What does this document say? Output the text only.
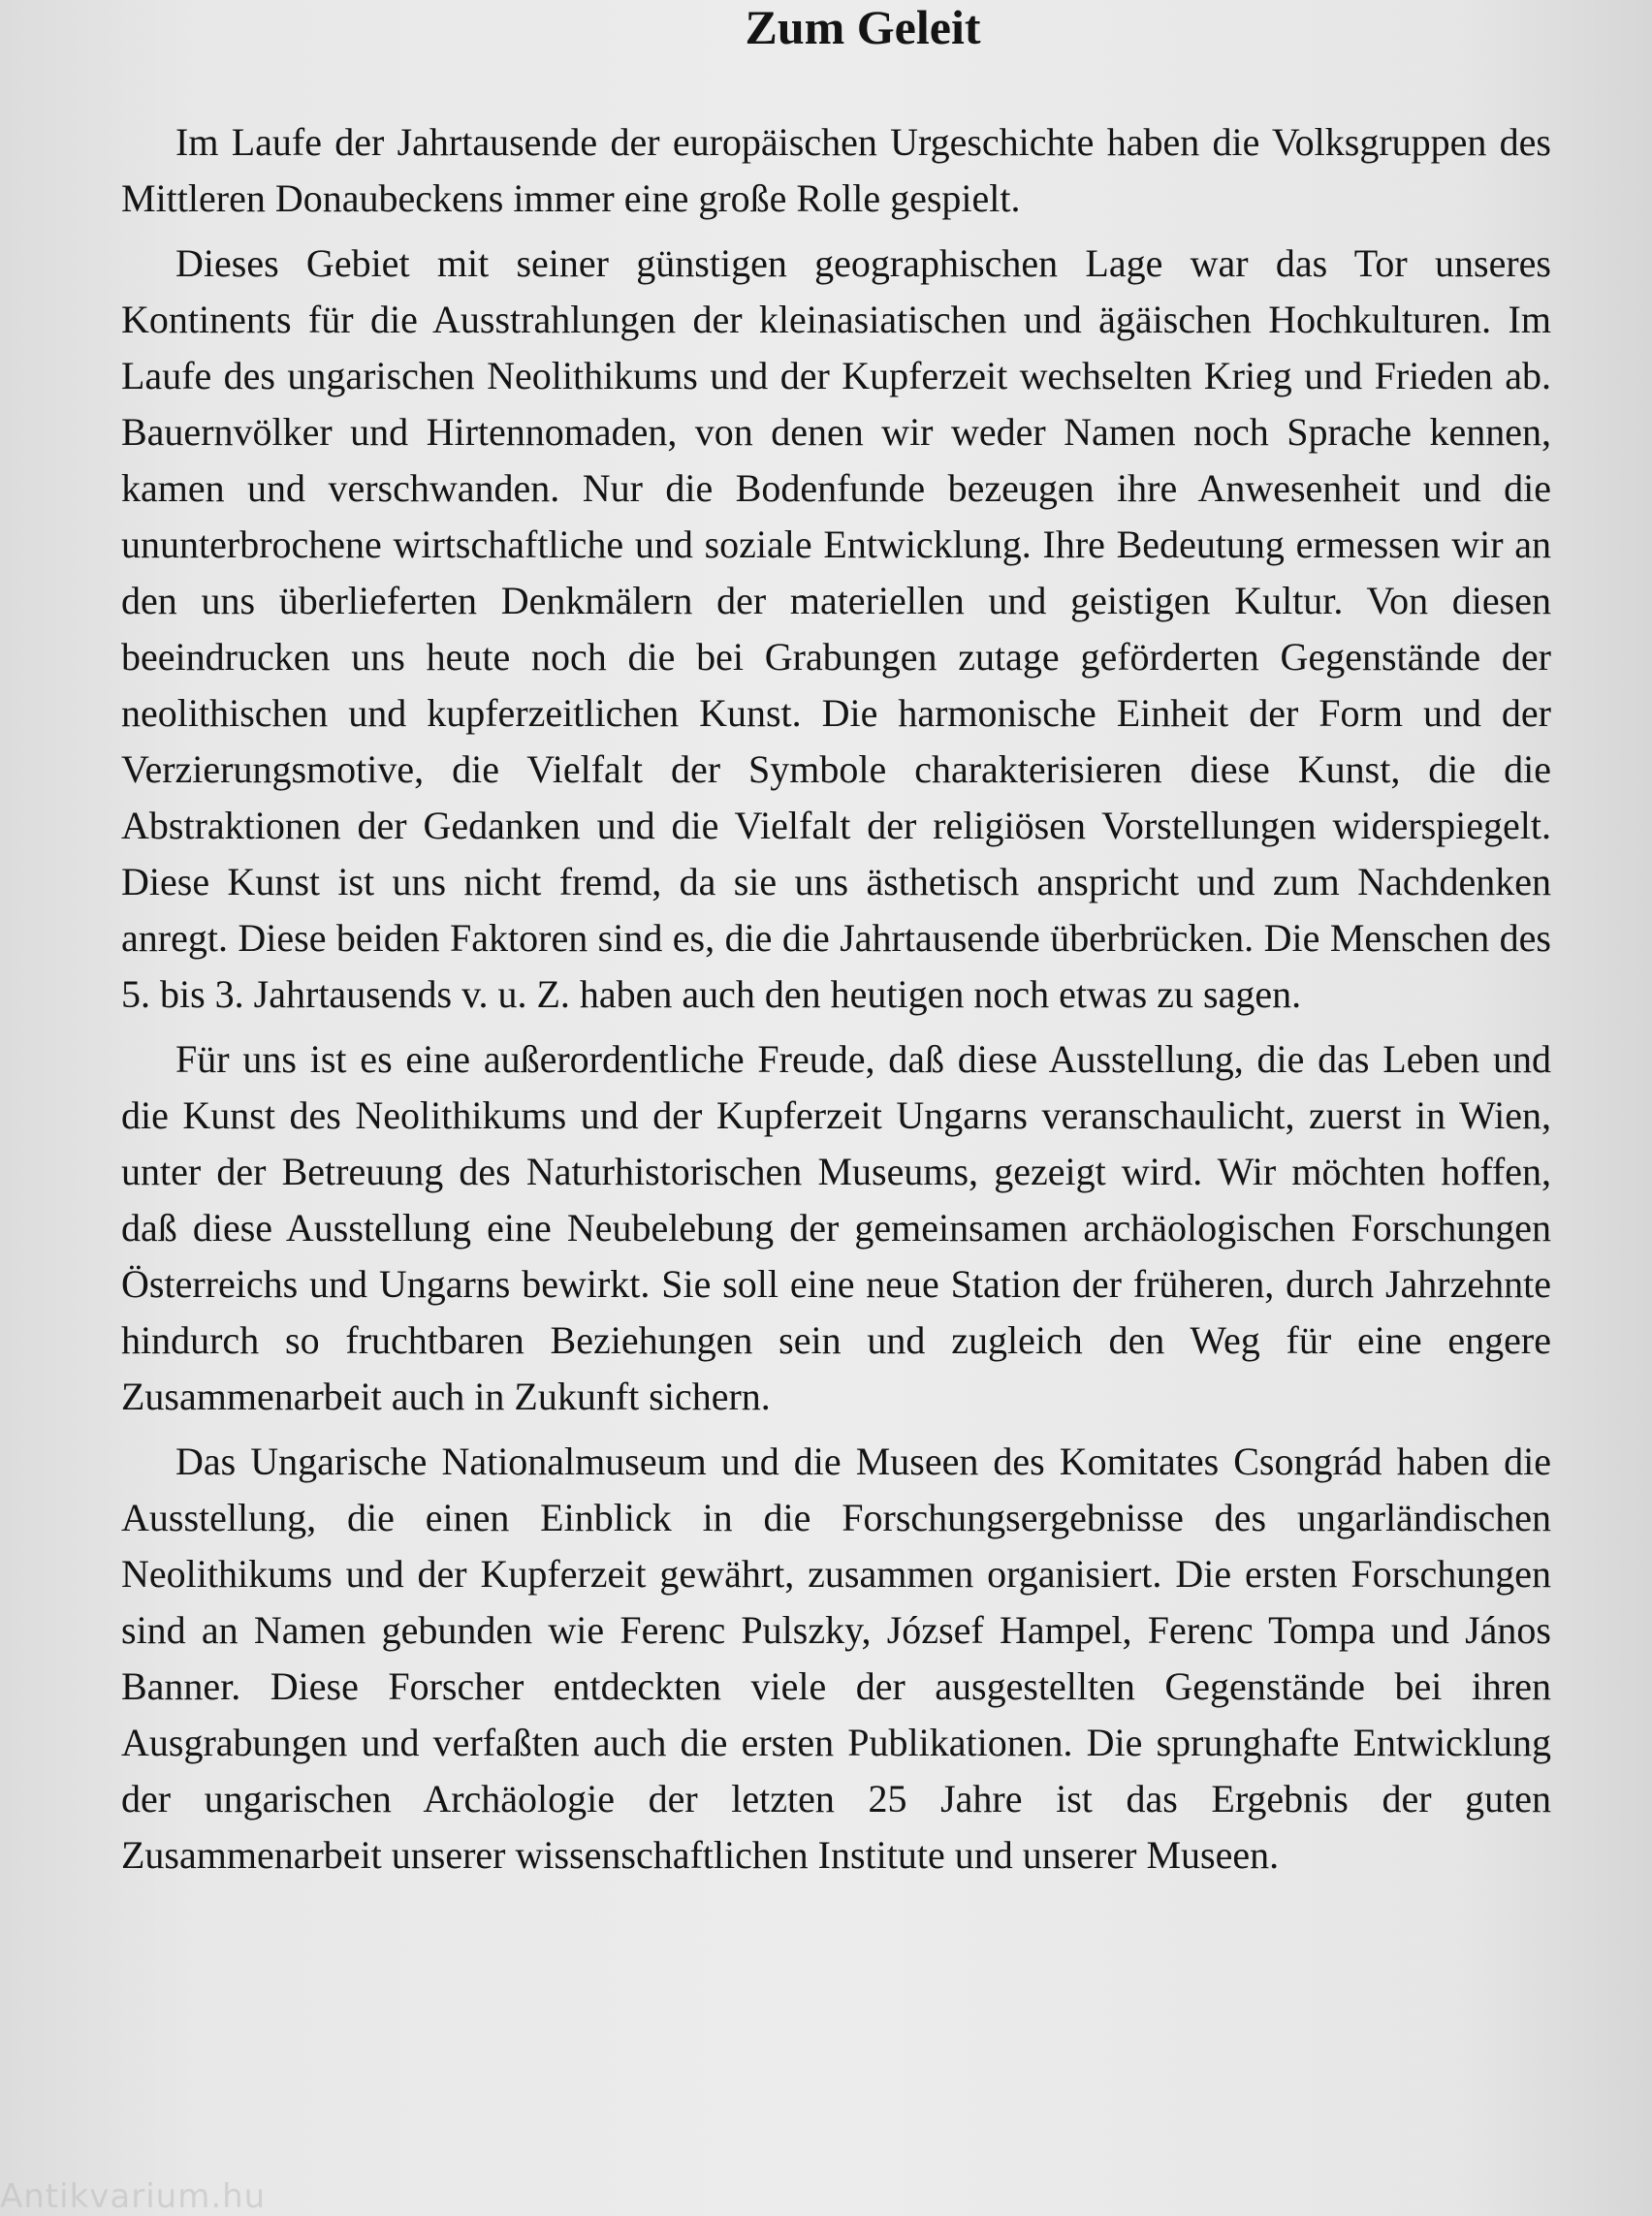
Zum Geleit

Im Laufe der Jahrtausende der europäischen Urgeschichte haben die Volksgruppen des Mittleren Donaubeckens immer eine große Rolle gespielt.

Dieses Gebiet mit seiner günstigen geographischen Lage war das Tor unseres Kontinents für die Ausstrahlungen der kleinasiatischen und ägäischen Hochkulturen. Im Laufe des ungarischen Neolithikums und der Kupferzeit wechselten Krieg und Frieden ab. Bauernvölker und Hirtennomaden, von denen wir weder Namen noch Sprache kennen, kamen und verschwanden. Nur die Bodenfunde bezeugen ihre Anwesenheit und die ununterbrochene wirtschaftliche und soziale Entwicklung. Ihre Bedeutung ermessen wir an den uns überlieferten Denkmälern der materiellen und geistigen Kultur. Von diesen beeindrucken uns heute noch die bei Grabungen zutage geförderten Gegenstände der neolithischen und kupferzeitlichen Kunst. Die harmonische Einheit der Form und der Verzierungsmotive, die Vielfalt der Symbole charakterisieren diese Kunst, die die Abstraktionen der Gedanken und die Vielfalt der religiösen Vorstellungen widerspiegelt. Diese Kunst ist uns nicht fremd, da sie uns ästhetisch anspricht und zum Nachdenken anregt. Diese beiden Faktoren sind es, die die Jahrtausende überbrücken. Die Menschen des 5. bis 3. Jahrtausends v. u. Z. haben auch den heutigen noch etwas zu sagen.

Für uns ist es eine außerordentliche Freude, daß diese Ausstellung, die das Leben und die Kunst des Neolithikums und der Kupferzeit Ungarns veranschaulicht, zuerst in Wien, unter der Betreuung des Naturhistorischen Museums, gezeigt wird. Wir möchten hoffen, daß diese Ausstellung eine Neubelebung der gemeinsamen archäologischen Forschungen Österreichs und Ungarns bewirkt. Sie soll eine neue Station der früheren, durch Jahrzehnte hindurch so fruchtbaren Beziehungen sein und zugleich den Weg für eine engere Zusammenarbeit auch in Zukunft sichern.

Das Ungarische Nationalmuseum und die Museen des Komitates Csongrád haben die Ausstellung, die einen Einblick in die Forschungsergebnisse des ungarländischen Neolithikums und der Kupferzeit gewährt, zusammen organisiert. Die ersten Forschungen sind an Namen gebunden wie Ferenc Pulszky, József Hampel, Ferenc Tompa und János Banner. Diese Forscher entdeckten viele der ausgestellten Gegenstände bei ihren Ausgrabungen und verfaßten auch die ersten Publikationen. Die sprunghafte Entwicklung der ungarischen Archäologie der letzten 25 Jahre ist das Ergebnis der guten Zusammenarbeit unserer wissenschaftlichen Institute und unserer Museen.

Antikvarium.hu
